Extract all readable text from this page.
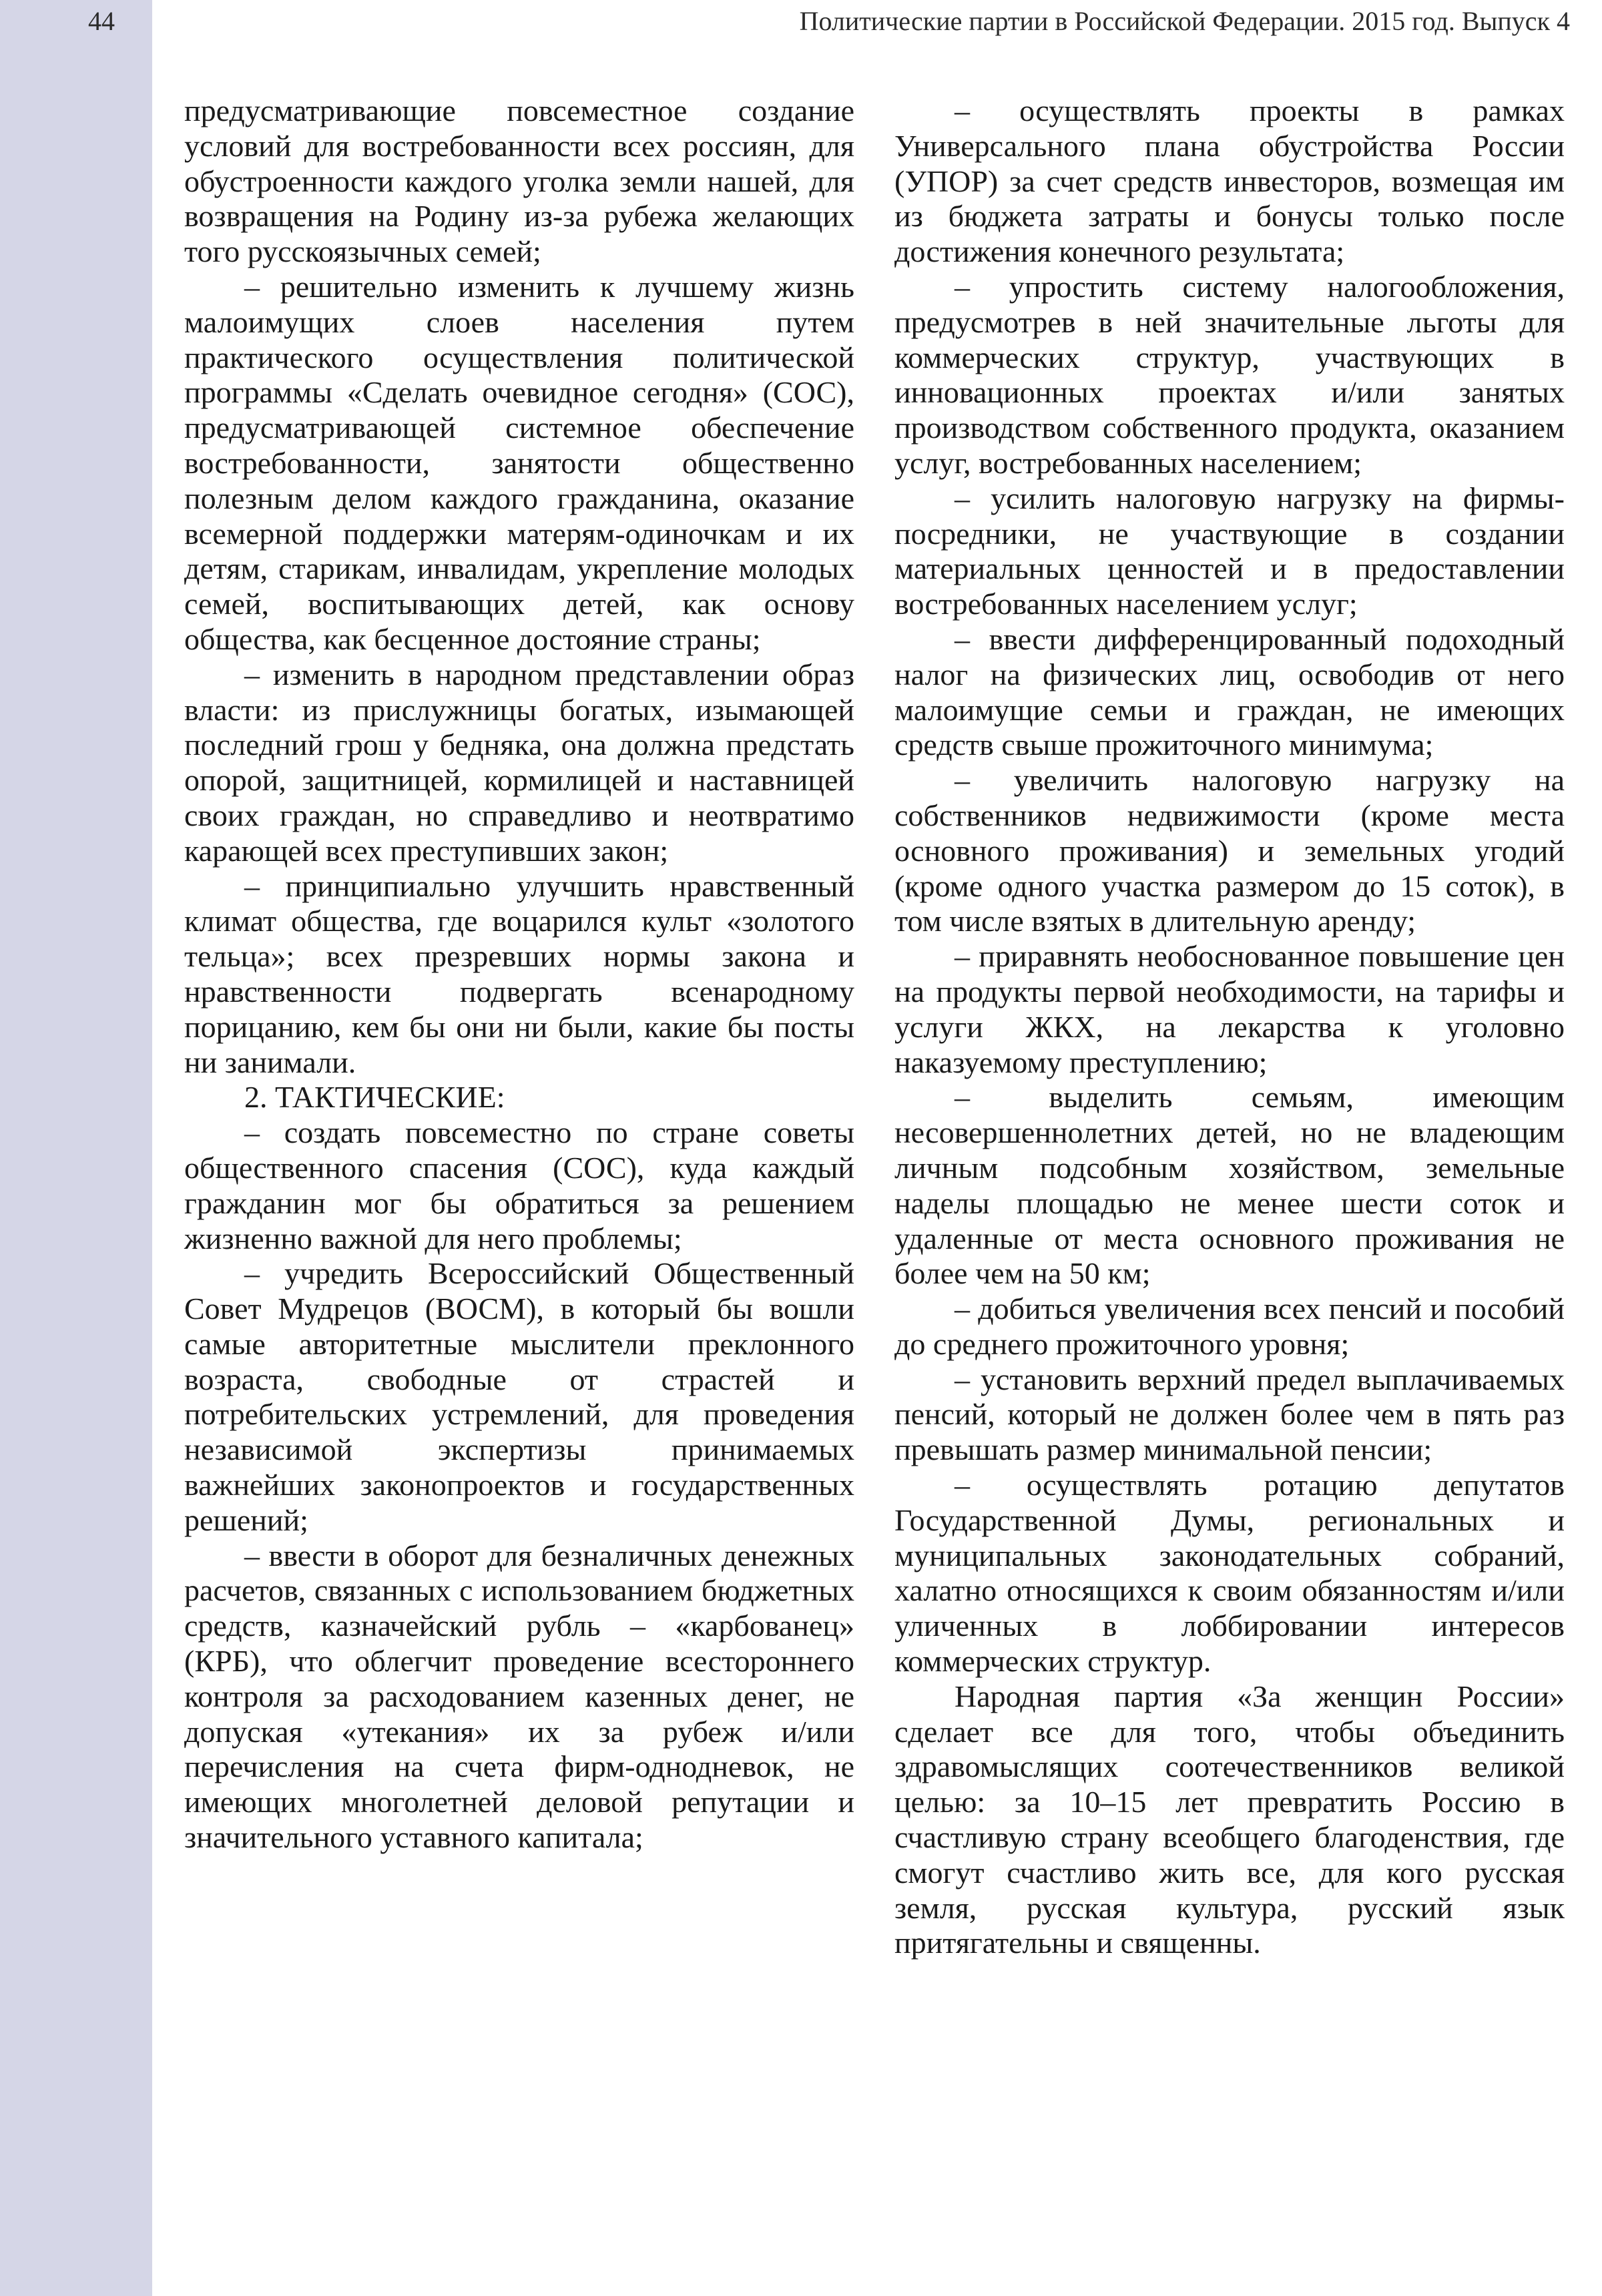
44	Политические партии в Российской Федерации. 2015 год. Выпуск 4

предусматривающие повсеместное создание условий для востребованности всех россиян, для обустроенности каждого уголка земли нашей, для возвращения на Родину из-за рубежа желающих того русскоязычных семей;

– решительно изменить к лучшему жизнь малоимущих слоев населения путем практического осуществления политической программы «Сделать очевидное сегодня» (СОС), предусматривающей системное обеспечение востребованности, занятости общественно полезным делом каждого гражданина, оказание всемерной поддержки матерям-одиночкам и их детям, старикам, инвалидам, укрепление молодых семей, воспитывающих детей, как основу общества, как бесценное достояние страны;

– изменить в народном представлении образ власти: из прислужницы богатых, изымающей последний грош у бедняка, она должна предстать опорой, защитницей, кормилицей и наставницей своих граждан, но справедливо и неотвратимо карающей всех преступивших закон;

– принципиально улучшить нравственный климат общества, где воцарился культ «золотого тельца»; всех презревших нормы закона и нравственности подвергать всенародному порицанию, кем бы они ни были, какие бы посты ни занимали.

2. ТАКТИЧЕСКИЕ:

– создать повсеместно по стране советы общественного спасения (СОС), куда каждый гражданин мог бы обратиться за решением жизненно важной для него проблемы;

– учредить Всероссийский Общественный Совет Мудрецов (ВОСМ), в который бы вошли самые авторитетные мыслители преклонного возраста, свободные от страстей и потребительских устремлений, для проведения независимой экспертизы принимаемых важнейших законопроектов и государственных решений;

– ввести в оборот для безналичных денежных расчетов, связанных с использованием бюджетных средств, казначейский рубль – «карбованец» (КРБ), что облегчит проведение всестороннего контроля за расходованием казенных денег, не допуская «утекания» их за рубеж и/или перечисления на счета фирм-однодневок, не имеющих многолетней деловой репутации и значительного уставного капитала;

– осуществлять проекты в рамках Универсального плана обустройства России (УПОР) за счет средств инвесторов, возмещая им из бюджета затраты и бонусы только после достижения конечного результата;

– упростить систему налогообложения, предусмотрев в ней значительные льготы для коммерческих структур, участвующих в инновационных проектах и/или занятых производством собственного продукта, оказанием услуг, востребованных населением;

– усилить налоговую нагрузку на фирмы-посредники, не участвующие в создании материальных ценностей и в предоставлении востребованных населением услуг;

– ввести дифференцированный подоходный налог на физических лиц, освободив от него малоимущие семьи и граждан, не имеющих средств свыше прожиточного минимума;

– увеличить налоговую нагрузку на собственников недвижимости (кроме места основного проживания) и земельных угодий (кроме одного участка размером до 15 соток), в том числе взятых в длительную аренду;

– приравнять необоснованное повышение цен на продукты первой необходимости, на тарифы и услуги ЖКХ, на лекарства к уголовно наказуемому преступлению;

– выделить семьям, имеющим несовершеннолетних детей, но не владеющим личным подсобным хозяйством, земельные наделы площадью не менее шести соток и удаленные от места основного проживания не более чем на 50 км;

– добиться увеличения всех пенсий и пособий до среднего прожиточного уровня;

– установить верхний предел выплачиваемых пенсий, который не должен более чем в пять раз превышать размер минимальной пенсии;

– осуществлять ротацию депутатов Государственной Думы, региональных и муниципальных законодательных собраний, халатно относящихся к своим обязанностям и/или уличенных в лоббировании интересов коммерческих структур.

Народная партия «За женщин России» сделает все для того, чтобы объединить здравомыслящих соотечественников великой целью: за 10–15 лет превратить Россию в счастливую страну всеобщего благоденствия, где смогут счастливо жить все, для кого русская земля, русская культура, русский язык притягательны и священны.
